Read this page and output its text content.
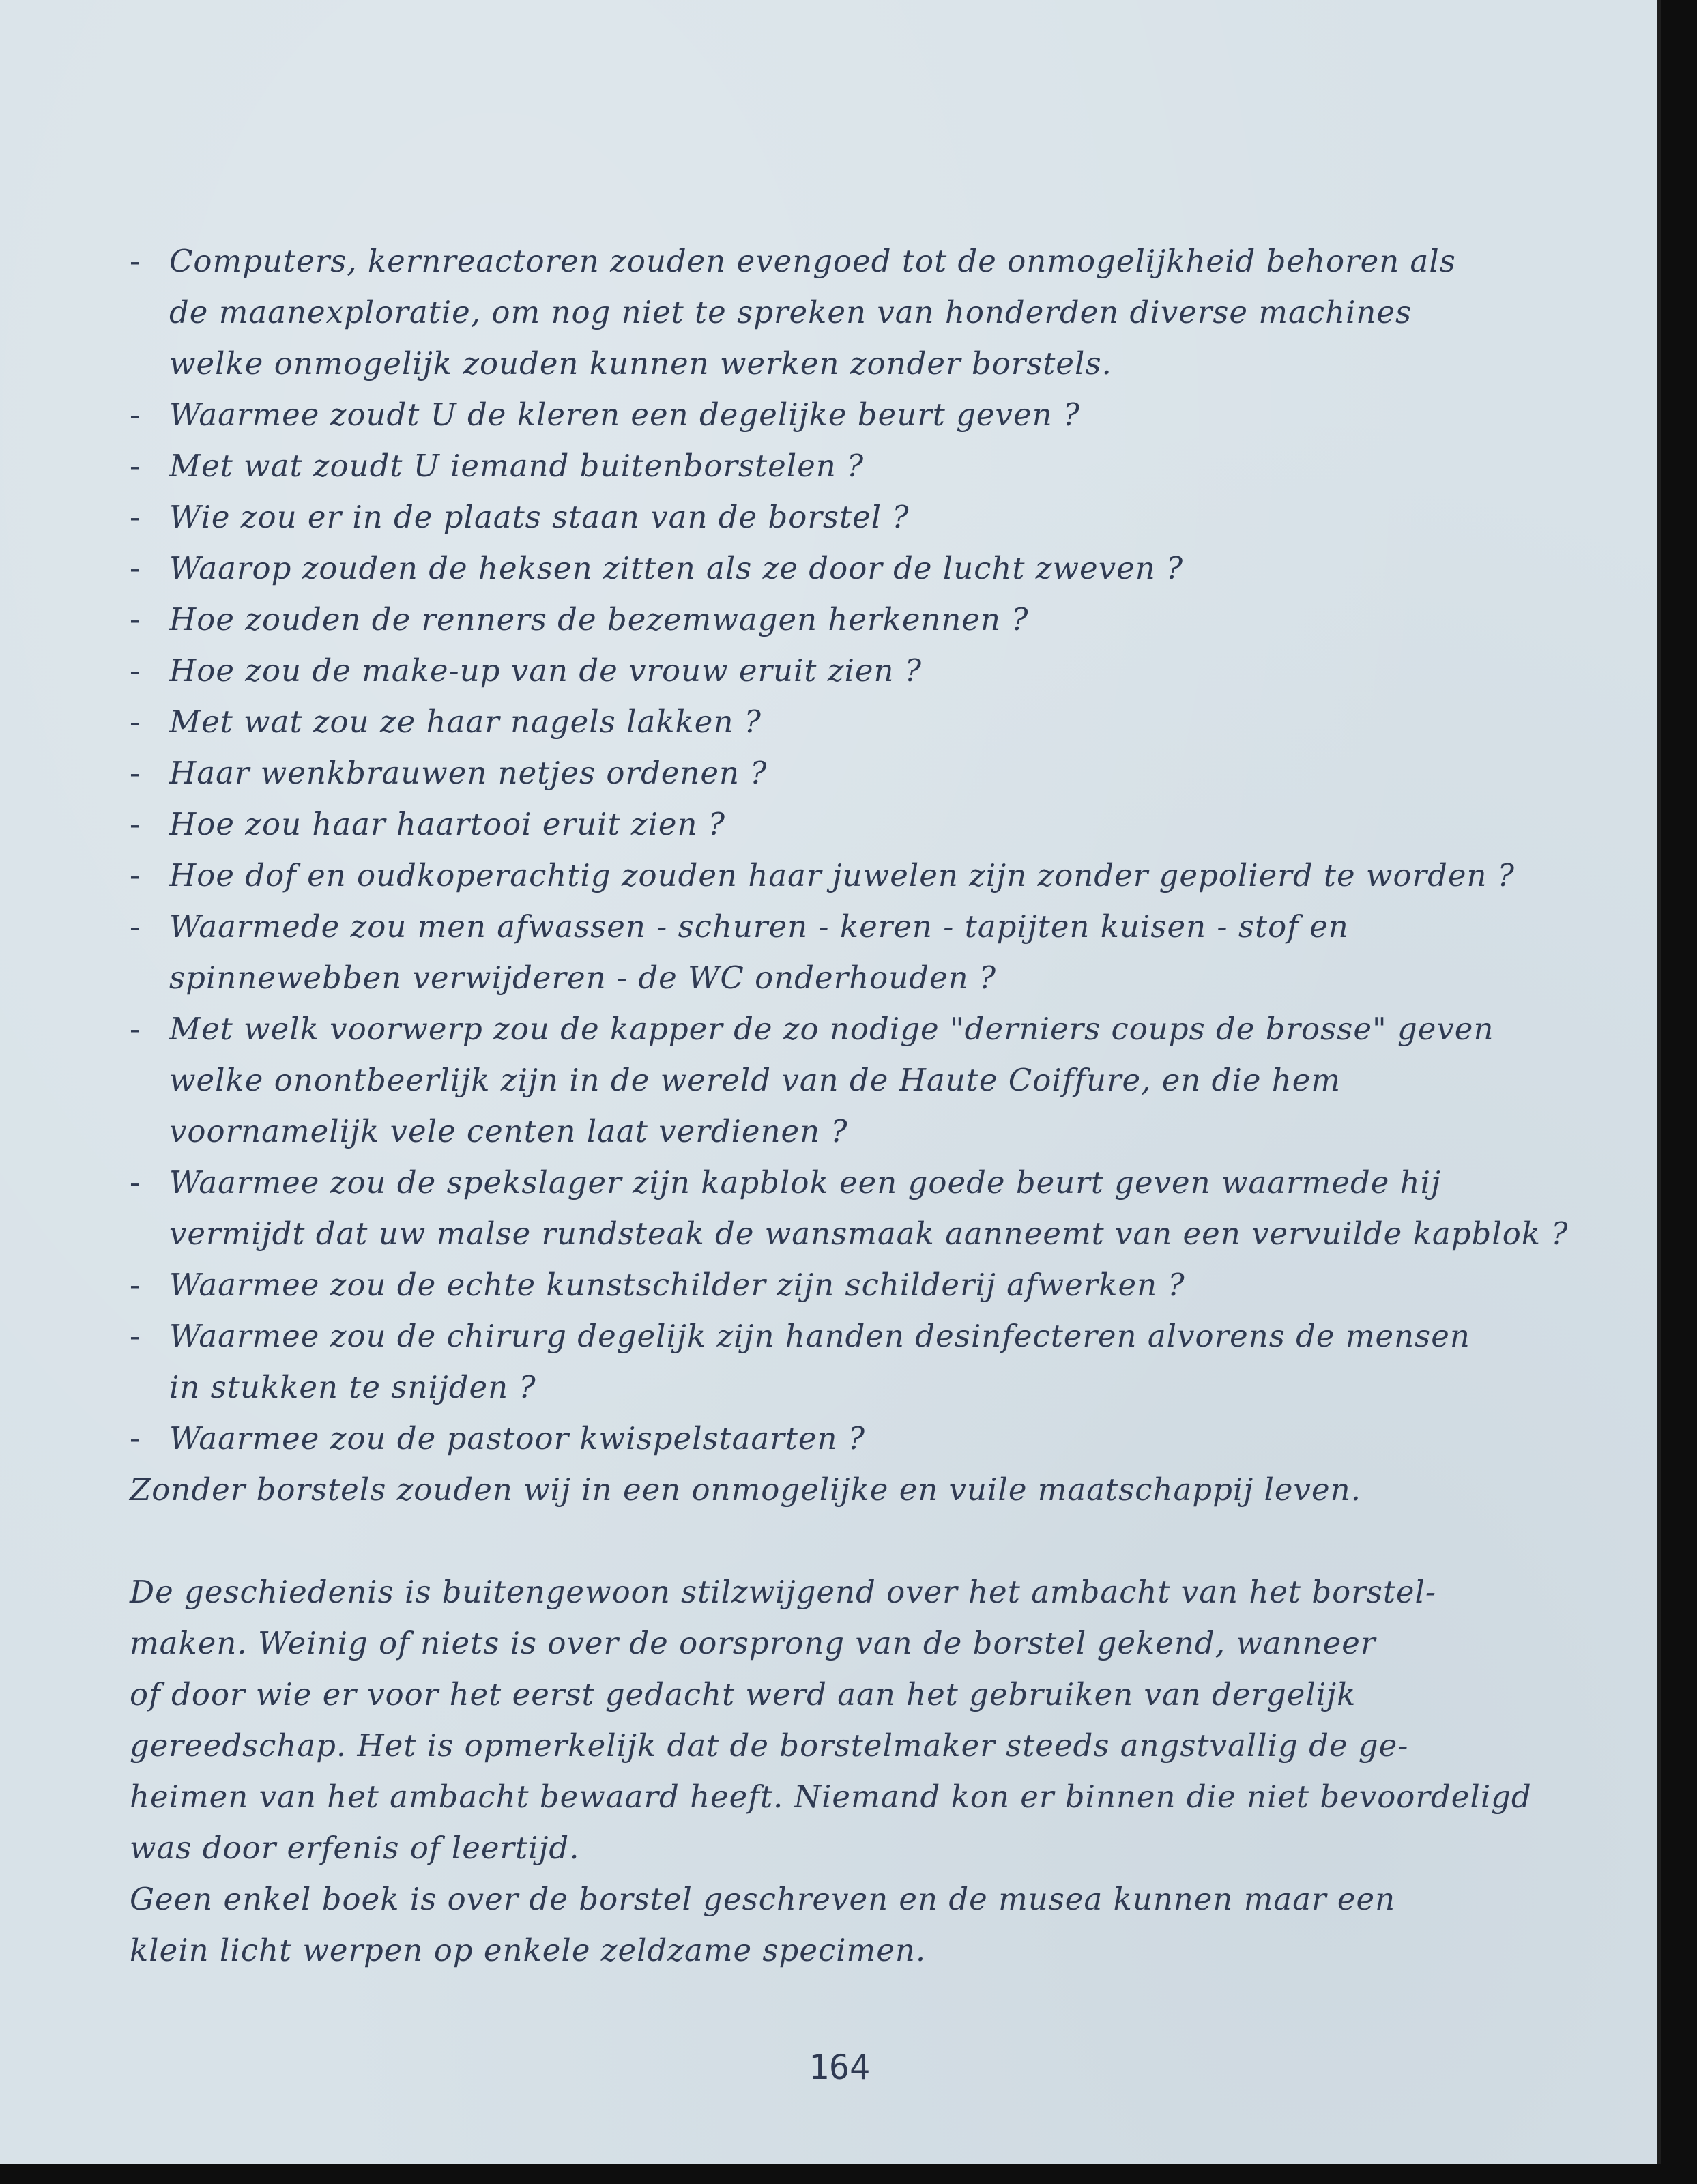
- Computers, kernreactoren zouden evengoed tot de onmogelijkheid behoren als
de maanexploratie, om nog niet te spreken van honderden diverse machines
welke onmogelijk zouden kunnen werken zonder borstels.
- Waarmee zoudt U de kleren een degelijke beurt geven ?
- Met wat zoudt U iemand buitenborstelen ?
- Wie zou er in de plaats staan van de borstel ?
- Waarop zouden de heksen zitten als ze door de lucht zweven ?
- Hoe zouden de renners de bezemwagen herkennen ?
- Hoe zou de make-up van de vrouw eruit zien ?
- Met wat zou ze haar nagels lakken ?
- Haar wenkbrauwen netjes ordenen ?
- Hoe zou haar haartooi eruit zien ?
- Hoe dof en oudkoperachtig zouden haar juwelen zijn zonder gepolierd te worden ?
- Waarmede zou men afwassen - schuren - keren - tapijten kuisen - stof en
spinnewebben verwijderen - de WC onderhouden ?
- Met welk voorwerp zou de kapper de zo nodige "derniers coups de brosse" geven
welke onontbeerlijk zijn in de wereld van de Haute Coiffure, en die hem
voornamelijk vele centen laat verdienen ?
- Waarmee zou de spekslager zijn kapblok een goede beurt geven waarmede hij
vermijdt dat uw malse rundsteak de wansmaak aanneemt van een vervuilde kapblok ?
- Waarmee zou de echte kunstschilder zijn schilderij afwerken ?
- Waarmee zou de chirurg degelijk zijn handen desinfecteren alvorens de mensen
in stukken te snijden ?
- Waarmee zou de pastoor kwispelstaarten ?

Zonder borstels zouden wij in een onmogelijke en vuile maatschappij leven.

De geschiedenis is buitengewoon stilzwijgend over het ambacht van het borstel-
maken. Weinig of niets is over de oorsprong van de borstel gekend, wanneer
of door wie er voor het eerst gedacht werd aan het gebruiken van dergelijk
gereedschap. Het is opmerkelijk dat de borstelmaker steeds angstvallig de ge-
heimen van het ambacht bewaard heeft. Niemand kon er binnen die niet bevoordeligd
was door erfenis of leertijd.

Geen enkel boek is over de borstel geschreven en de musea kunnen maar een
klein licht werpen op enkele zeldzame specimen.

164
